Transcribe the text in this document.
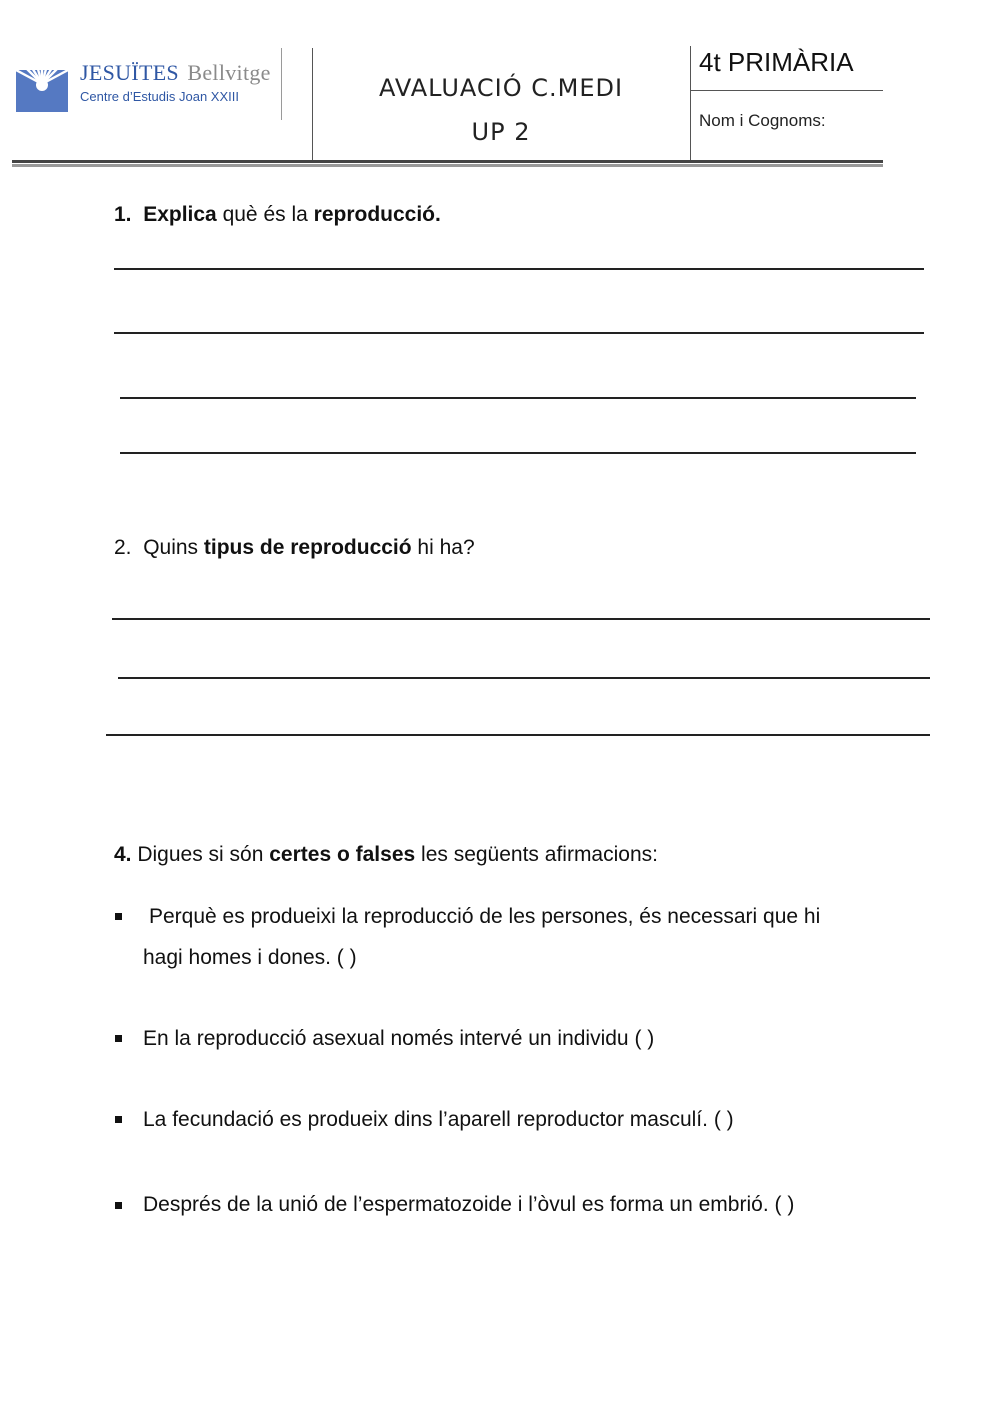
JESUÏTES Bellvitge
Centre d’Estudis Joan XXIII	AVALUACIÓ C.MEDI
UP 2
4t PRIMÀRIA
Nom i Cognoms:
1. Explica què és la reproducció.
2. Quins tipus de reproducció hi ha?
4. Digues si són certes o falses les següents afirmacions:
Perquè es produeixi la reproducció de les persones, és necessari que hi
hagi homes i dones. ( )
En la reproducció asexual només intervé un individu ( )
La fecundació es produeix dins l’aparell reproductor masculí. ( )
Després de la unió de l’espermatozoide i l’òvul es forma un embrió. ( )
